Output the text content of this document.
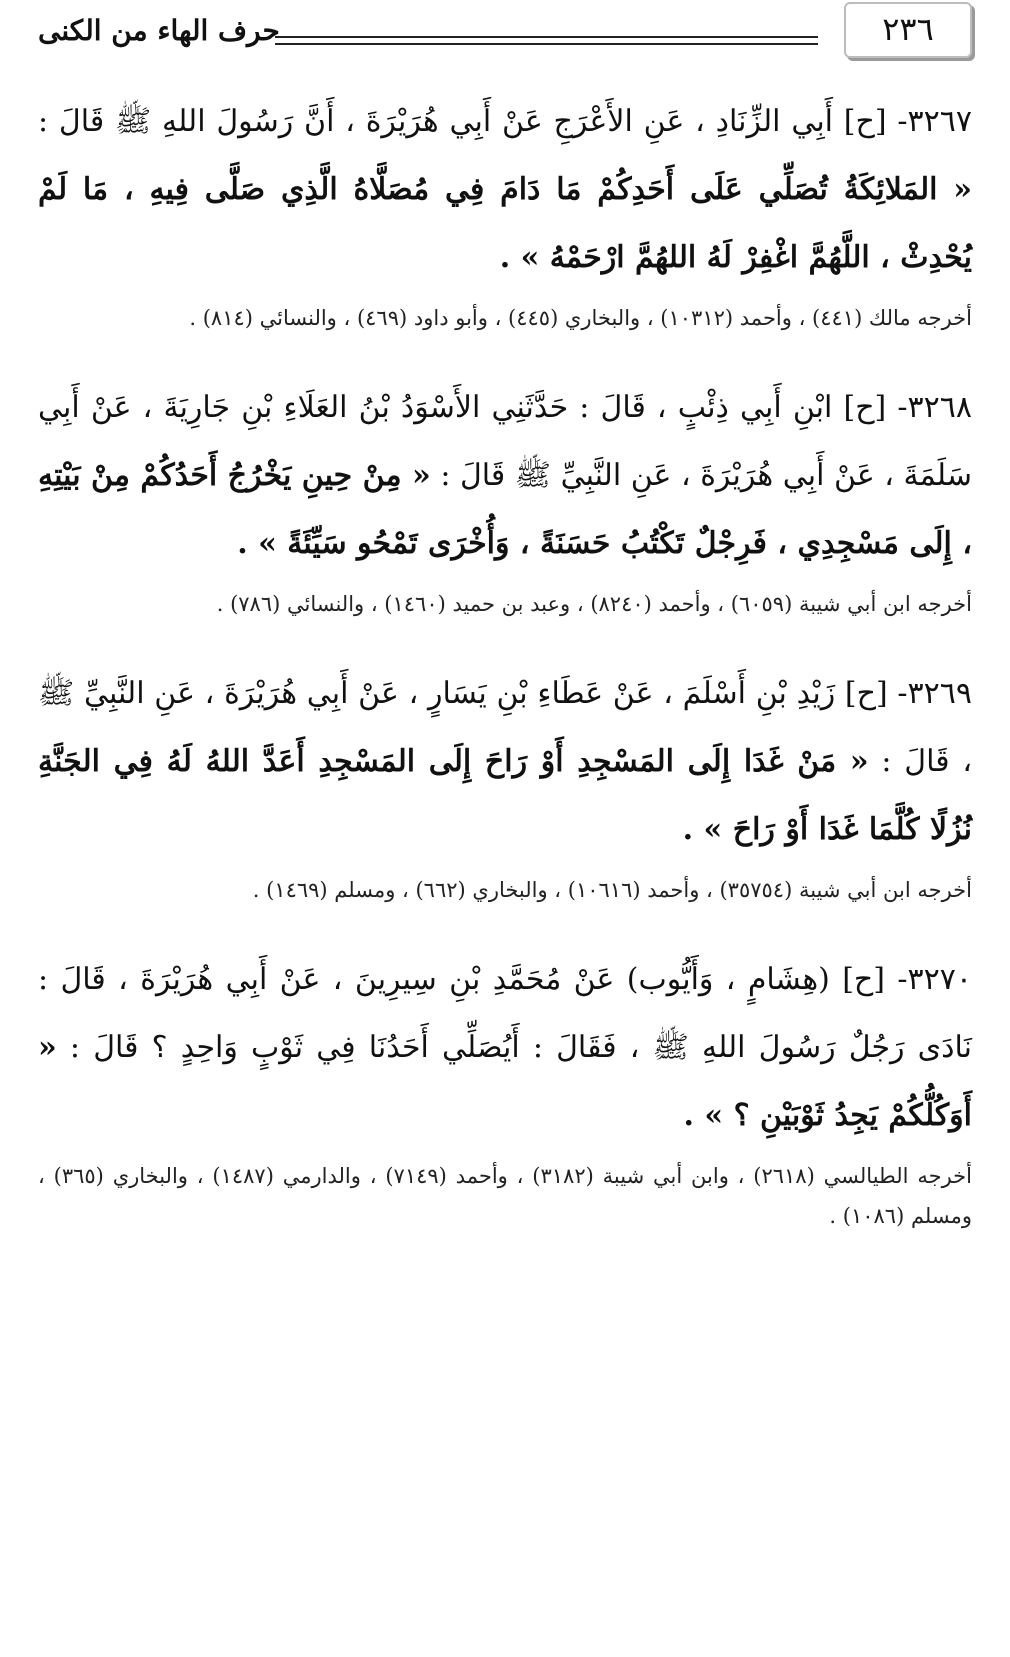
٢٣٦
حرف الهاء من الكنى

٣٢٦٧- [ح] أَبِي الزِّنَادِ ، عَنِ الأَعْرَجِ عَنْ أَبِي هُرَيْرَةَ ، أَنَّ رَسُولَ اللهِ ﷺ قَالَ : « المَلائِكَةُ تُصَلِّي عَلَى أَحَدِكُمْ مَا دَامَ فِي مُصَلَّاهُ الَّذِي صَلَّى فِيهِ ، مَا لَمْ يُحْدِثْ ، اللَّهُمَّ اغْفِرْ لَهُ اللهُمَّ ارْحَمْهُ » .

أخرجه مالك (٤٤١) ، وأحمد (١٠٣١٢) ، والبخاري (٤٤٥) ، وأبو داود (٤٦٩) ، والنسائي (٨١٤) .

٣٢٦٨- [ح] ابْنِ أَبِي ذِئْبٍ ، قَالَ : حَدَّثَنِي الأَسْوَدُ بْنُ العَلَاءِ بْنِ جَارِيَةَ ، عَنْ أَبِي سَلَمَةَ ، عَنْ أَبِي هُرَيْرَةَ ، عَنِ النَّبِيِّ ﷺ قَالَ : « مِنْ حِينِ يَخْرُجُ أَحَدُكُمْ مِنْ بَيْتِهِ ، إِلَى مَسْجِدِي ، فَرِجْلٌ تَكْتُبُ حَسَنَةً ، وَأُخْرَى تَمْحُو سَيِّئَةً » .

أخرجه ابن أبي شيبة (٦٠٥٩) ، وأحمد (٨٢٤٠) ، وعبد بن حميد (١٤٦٠) ، والنسائي (٧٨٦) .

٣٢٦٩- [ح] زَيْدِ بْنِ أَسْلَمَ ، عَنْ عَطَاءِ بْنِ يَسَارٍ ، عَنْ أَبِي هُرَيْرَةَ ، عَنِ النَّبِيِّ ﷺ ، قَالَ : « مَنْ غَدَا إِلَى المَسْجِدِ أَوْ رَاحَ إِلَى المَسْجِدِ أَعَدَّ اللهُ لَهُ فِي الجَنَّةِ نُزُلًا كُلَّمَا غَدَا أَوْ رَاحَ » .

أخرجه ابن أبي شيبة (٣٥٧٥٤) ، وأحمد (١٠٦١٦) ، والبخاري (٦٦٢) ، ومسلم (١٤٦٩) .

٣٢٧٠- [ح] (هِشَامٍ ، وَأَيُّوب) عَنْ مُحَمَّدِ بْنِ سِيرِينَ ، عَنْ أَبِي هُرَيْرَةَ ، قَالَ : نَادَى رَجُلٌ رَسُولَ اللهِ ﷺ ، فَقَالَ : أَيُصَلِّي أَحَدُنَا فِي ثَوْبٍ وَاحِدٍ ؟ قَالَ : « أَوَكُلُّكُمْ يَجِدُ ثَوْبَيْنِ ؟ » .

أخرجه الطيالسي (٢٦١٨) ، وابن أبي شيبة (٣١٨٢) ، وأحمد (٧١٤٩) ، والدارمي (١٤٨٧) ، والبخاري (٣٦٥) ، ومسلم (١٠٨٦) .
